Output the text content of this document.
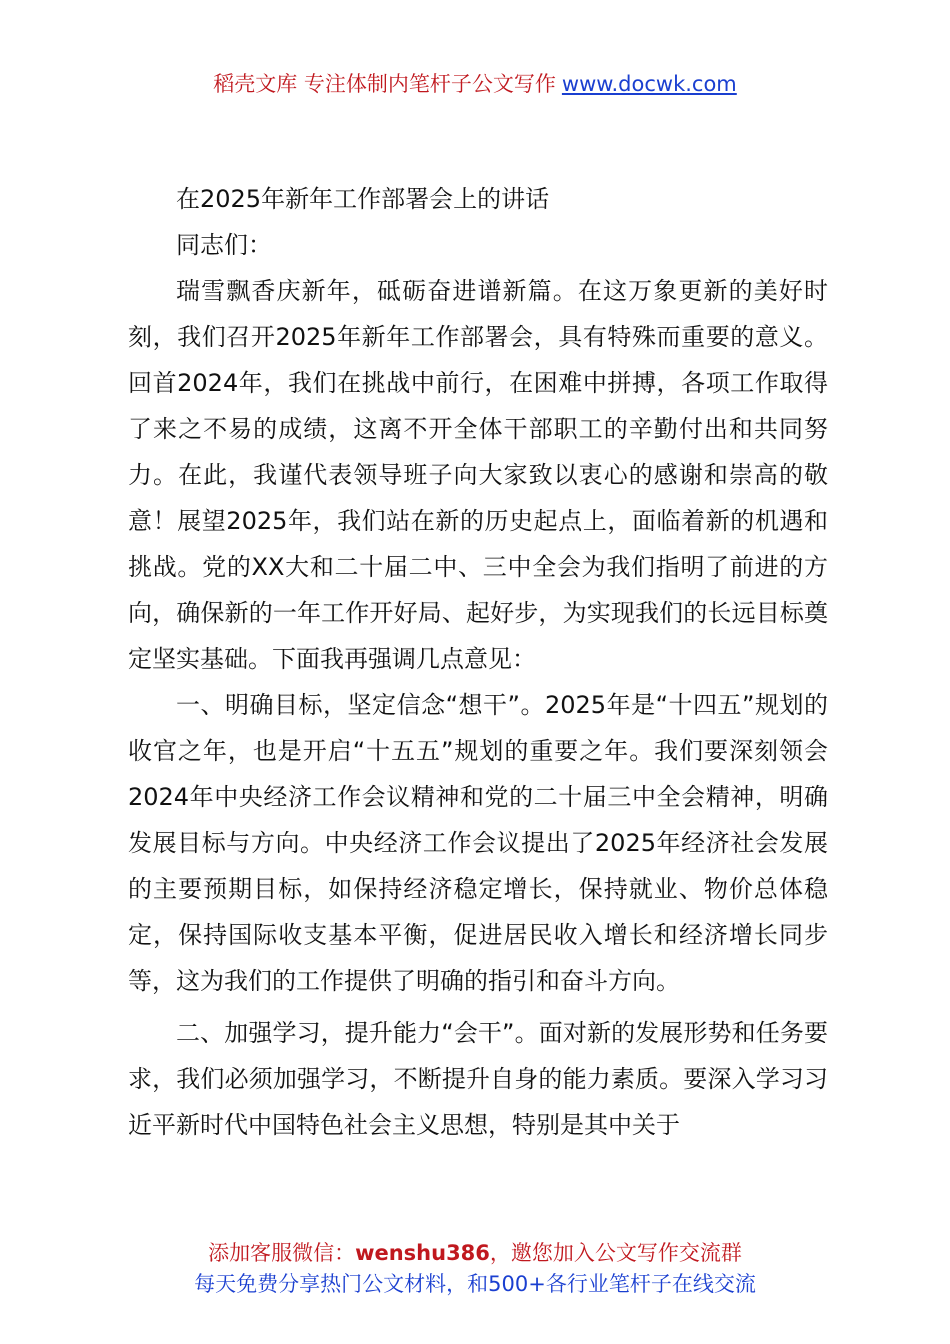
稻壳文库 专注体制内笔杆子公文写作 www.docwk.com

在2025年新年工作部署会上的讲话

同志们：

瑞雪飘香庆新年，砥砺奋进谱新篇。在这万象更新的美好时刻，我们召开2025年新年工作部署会，具有特殊而重要的意义。回首2024年，我们在挑战中前行，在困难中拼搏，各项工作取得了来之不易的成绩，这离不开全体干部职工的辛勤付出和共同努力。在此，我谨代表领导班子向大家致以衷心的感谢和崇高的敬意！展望2025年，我们站在新的历史起点上，面临着新的机遇和挑战。党的XX大和二十届二中、三中全会为我们指明了前进的方向，确保新的一年工作开好局、起好步，为实现我们的长远目标奠定坚实基础。下面我再强调几点意见：

一、明确目标，坚定信念“想干”。2025年是“十四五”规划的收官之年，也是开启“十五五”规划的重要之年。我们要深刻领会2024年中央经济工作会议精神和党的二十届三中全会精神，明确发展目标与方向。中央经济工作会议提出了2025年经济社会发展的主要预期目标，如保持经济稳定增长，保持就业、物价总体稳定，保持国际收支基本平衡，促进居民收入增长和经济增长同步等，这为我们的工作提供了明确的指引和奋斗方向。

二、加强学习，提升能力“会干”。面对新的发展形势和任务要求，我们必须加强学习，不断提升自身的能力素质。要深入学习习近平新时代中国特色社会主义思想，特别是其中关于

添加客服微信：wenshu386，邀您加入公文写作交流群
每天免费分享热门公文材料，和500+各行业笔杆子在线交流
